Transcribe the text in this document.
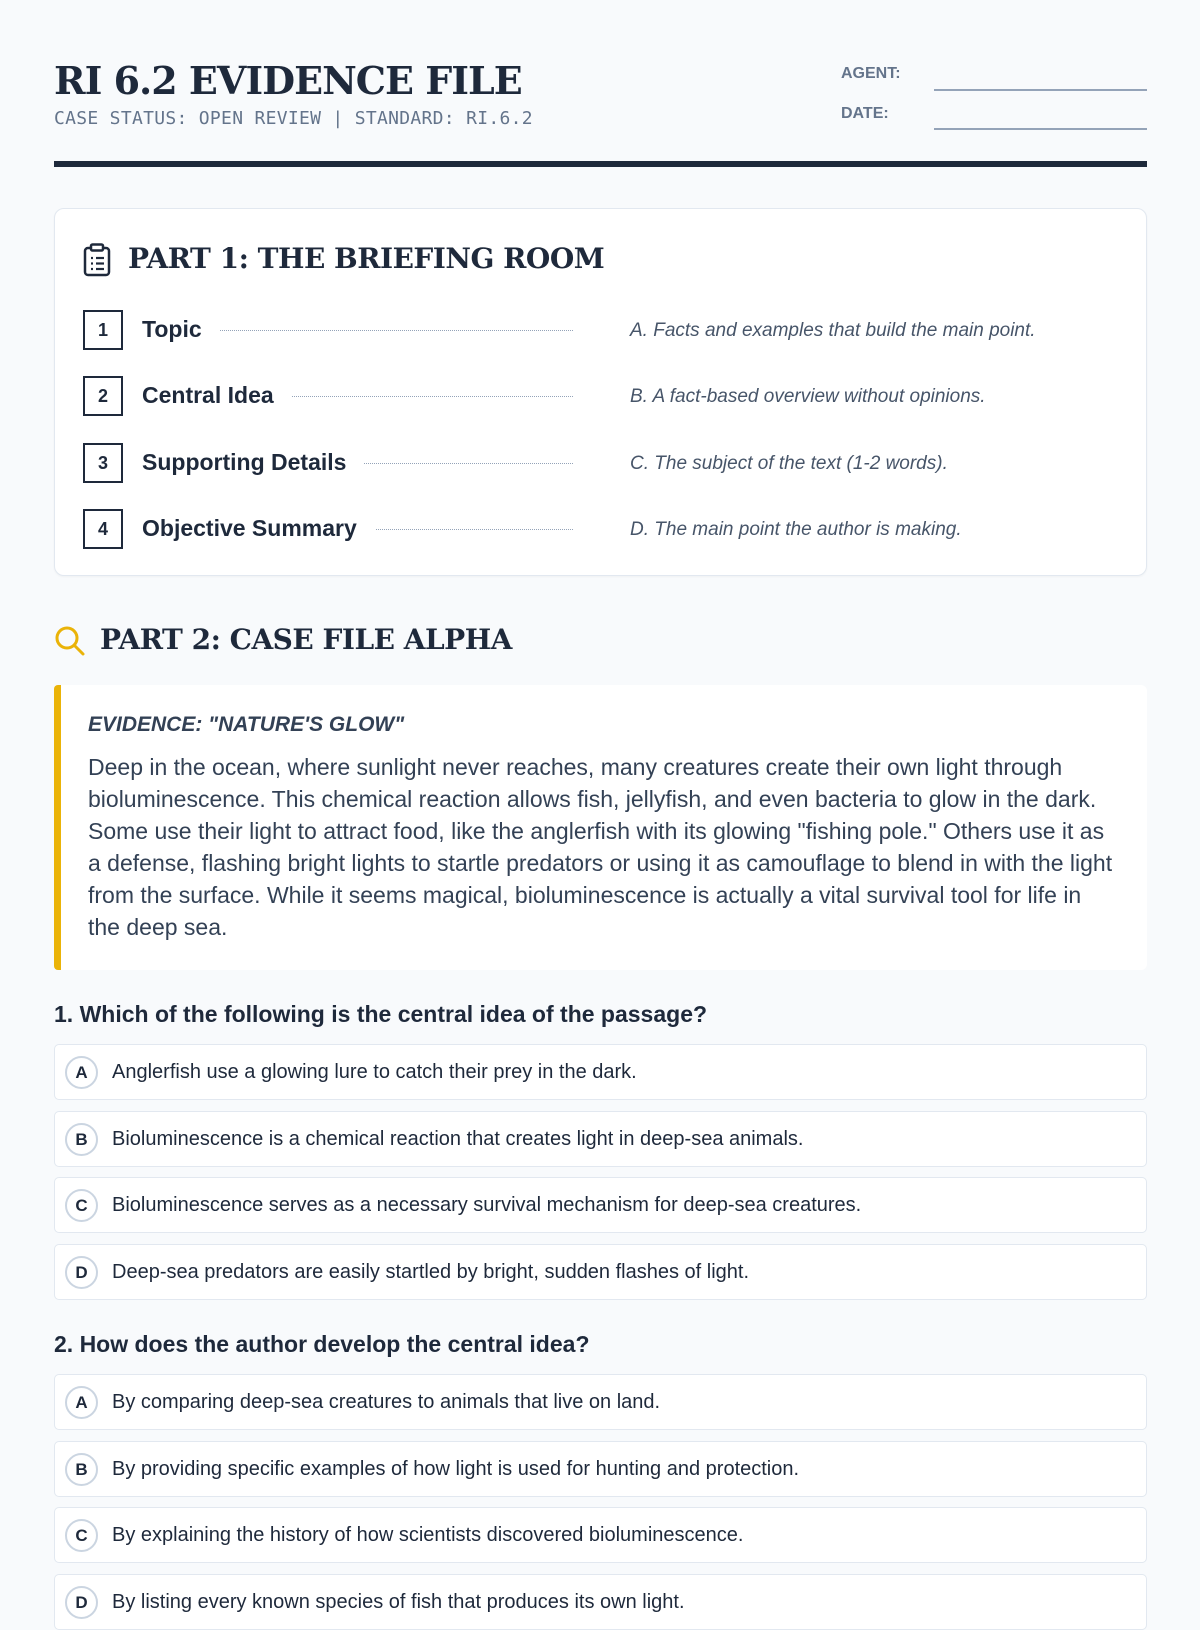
RI 6.2 EVIDENCE FILE
CASE STATUS: OPEN REVIEW | STANDARD: RI.6.2
AGENT:
DATE:
PART 1: THE BRIEFING ROOM
1	Topic	A. Facts and examples that build the main point.
2	Central Idea	B. A fact-based overview without opinions.
3	Supporting Details	C. The subject of the text (1-2 words).
4	Objective Summary	D. The main point the author is making.
PART 2: CASE FILE ALPHA
EVIDENCE: "NATURE'S GLOW"
Deep in the ocean, where sunlight never reaches, many creatures create their own light through bioluminescence. This chemical reaction allows fish, jellyfish, and even bacteria to glow in the dark. Some use their light to attract food, like the anglerfish with its glowing "fishing pole." Others use it as a defense, flashing bright lights to startle predators or using it as camouflage to blend in with the light from the surface. While it seems magical, bioluminescence is actually a vital survival tool for life in the deep sea.
1. Which of the following is the central idea of the passage?
A	Anglerfish use a glowing lure to catch their prey in the dark.
B	Bioluminescence is a chemical reaction that creates light in deep-sea animals.
C	Bioluminescence serves as a necessary survival mechanism for deep-sea creatures.
D	Deep-sea predators are easily startled by bright, sudden flashes of light.
2. How does the author develop the central idea?
A	By comparing deep-sea creatures to animals that live on land.
B	By providing specific examples of how light is used for hunting and protection.
C	By explaining the history of how scientists discovered bioluminescence.
D	By listing every known species of fish that produces its own light.
